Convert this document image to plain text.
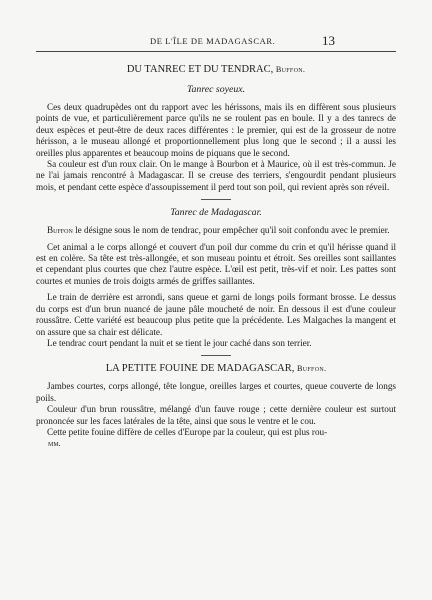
DE L'ÎLE DE MADAGASCAR.	13
DU TANREC ET DU TENDRAC, Buffon.
Tanrec soyeux.

Ces deux quadrupèdes ont du rapport avec les hérissons, mais ils en diffèrent sous plusieurs points de vue, et particulièrement parce qu'ils ne se roulent pas en boule. Il y a des tanrecs de deux espèces et peut-être de deux races différentes : le premier, qui est de la grosseur de notre hérisson, a le museau allongé et proportionnellement plus long que le second ; il a aussi les oreilles plus apparentes et beaucoup moins de piquans que le second.

Sa couleur est d'un roux clair. On le mange à Bourbon et à Maurice, où il est très-commun. Je ne l'ai jamais rencontré à Madagascar. Il se creuse des terriers, s'engourdit pendant plusieurs mois, et pendant cette espèce d'assoupissement il perd tout son poil, qui revient après son réveil.

Tanrec de Madagascar.

Buffon le désigne sous le nom de tendrac, pour empêcher qu'il soit confondu avec le premier.

Cet animal a le corps allongé et couvert d'un poil dur comme du crin et qu'il hérisse quand il est en colère. Sa tête est très-allongée, et son museau pointu et étroit. Ses oreilles sont saillantes et cependant plus courtes que chez l'autre espèce. L'œil est petit, très-vif et noir. Les pattes sont courtes et munies de trois doigts armés de griffes saillantes.

Le train de derrière est arrondi, sans queue et garni de longs poils formant brosse. Le dessus du corps est d'un brun nuancé de jaune pâle moucheté de noir. En dessous il est d'une couleur roussâtre. Cette variété est beaucoup plus petite que la précédente. Les Malgaches la mangent et on assure que sa chair est délicate.

Le tendrac court pendant la nuit et se tient le jour caché dans son terrier.

LA PETITE FOUINE DE MADAGASCAR, Buffon.

Jambes courtes, corps allongé, tête longue, oreilles larges et courtes, queue couverte de longs poils.

Couleur d'un brun roussâtre, mélangé d'un fauve rouge ; cette dernière couleur est surtout prononcée sur les faces latérales de la tête, ainsi que sous le ventre et le cou.

Cette petite fouine diffère de celles d'Europe par la couleur, qui est plus rou-

mm.
